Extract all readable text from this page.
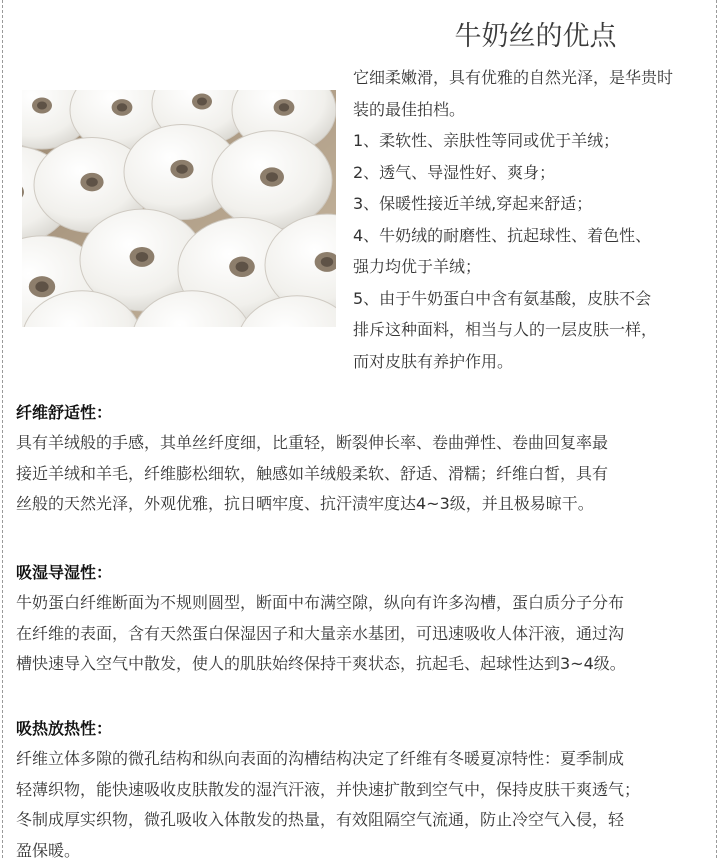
牛奶丝的优点

它细柔嫩滑，具有优雅的自然光泽，是华贵时

装的最佳拍档。

1、柔软性、亲肤性等同或优于羊绒；

2、透气、导湿性好、爽身；

3、保暖性接近羊绒,穿起来舒适；

4、牛奶绒的耐磨性、抗起球性、着色性、

强力均优于羊绒；

5、由于牛奶蛋白中含有氨基酸，皮肤不会

排斥这种面料，相当与人的一层皮肤一样，

而对皮肤有养护作用。

纤维舒适性：

具有羊绒般的手感，其单丝纤度细，比重轻，断裂伸长率、卷曲弹性、卷曲回复率最

接近羊绒和羊毛，纤维膨松细软，触感如羊绒般柔软、舒适、滑糯；纤维白皙，具有

丝般的天然光泽，外观优雅，抗日晒牢度、抗汗渍牢度达4~3级，并且极易晾干。

吸湿导湿性：

牛奶蛋白纤维断面为不规则圆型，断面中布满空隙，纵向有许多沟槽，蛋白质分子分布

在纤维的表面，含有天然蛋白保湿因子和大量亲水基团，可迅速吸收人体汗液，通过沟

槽快速导入空气中散发，使人的肌肤始终保持干爽状态，抗起毛、起球性达到3~4级。

吸热放热性：

纤维立体多隙的微孔结构和纵向表面的沟槽结构决定了纤维有冬暖夏凉特性：夏季制成

轻薄织物，能快速吸收皮肤散发的湿汽汗液，并快速扩散到空气中，保持皮肤干爽透气；

冬制成厚实织物，微孔吸收入体散发的热量，有效阻隔空气流通，防止冷空气入侵，轻

盈保暖。
